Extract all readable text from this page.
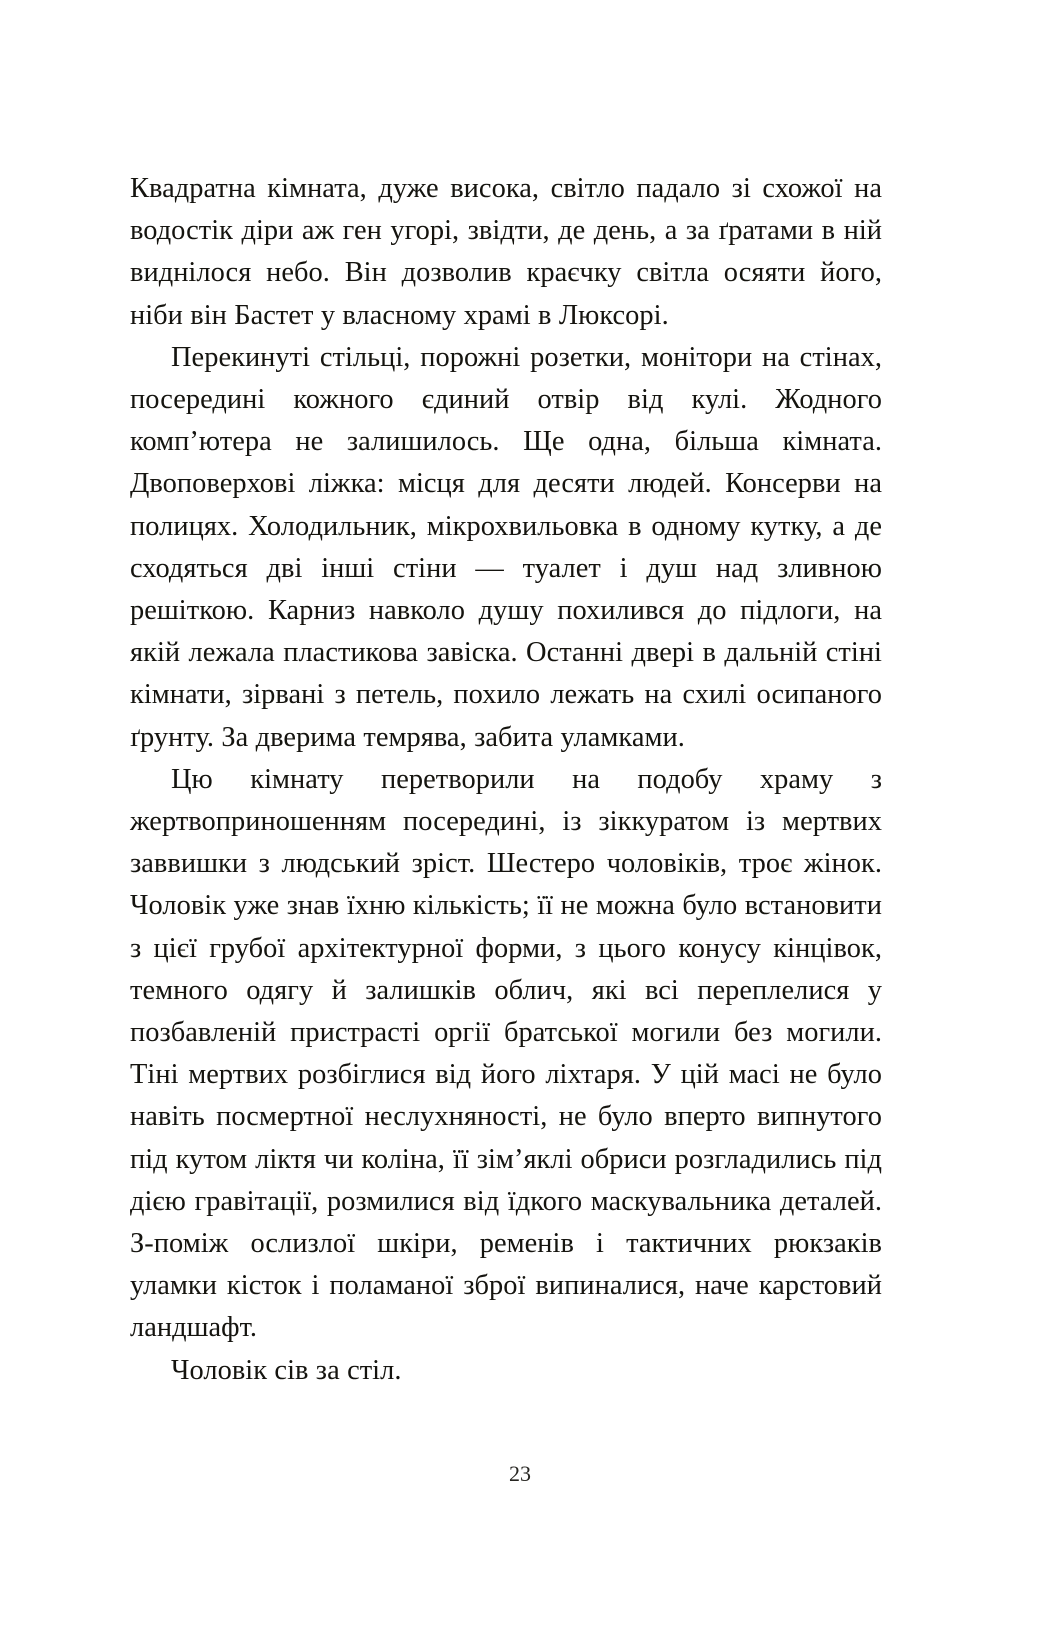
Квадратна кімната, дуже висока, світло падало зі схожої на водостік діри аж ген угорі, звідти, де день, а за ґратами в ній виднілося небо. Він дозволив краєчку світла осяяти його, ніби він Бастет у власному храмі в Люксорі.

Перекинуті стільці, порожні розетки, монітори на стінах, посередині кожного єдиний отвір від кулі. Жодного комп’ютера не залишилось. Ще одна, більша кімната. Двоповерхові ліжка: місця для десяти людей. Консерви на полицях. Холодильник, мікрохвильовка в одному кутку, а де сходяться дві інші стіни — туалет і душ над зливною решіткою. Карниз навколо душу похилився до підлоги, на якій лежала пластикова завіска. Останні двері в дальній стіні кімнати, зірвані з петель, похило лежать на схилі осипаного ґрунту. За дверима темрява, забита уламками.

Цю кімнату перетворили на подобу храму з жертвоприношенням посередині, із зіккуратом із мертвих заввишки з людський зріст. Шестеро чоловіків, троє жінок. Чоловік уже знав їхню кількість; її не можна було встановити з цієї грубої архітектурної форми, з цього конусу кінцівок, темного одягу й залишків облич, які всі переплелися у позбавленій пристрасті оргії братської могили без могили. Тіні мертвих розбіглися від його ліхтаря. У цій масі не було навіть посмертної неслухняності, не було вперто випнутого під кутом ліктя чи коліна, її зім’яклі обриси розгладились під дією гравітації, розмилися від їдкого маскувальника деталей. З-поміж ослизлої шкіри, ременів і тактичних рюкзаків уламки кісток і поламаної зброї випиналися, наче карстовий ландшафт.

Чоловік сів за стіл.

23
